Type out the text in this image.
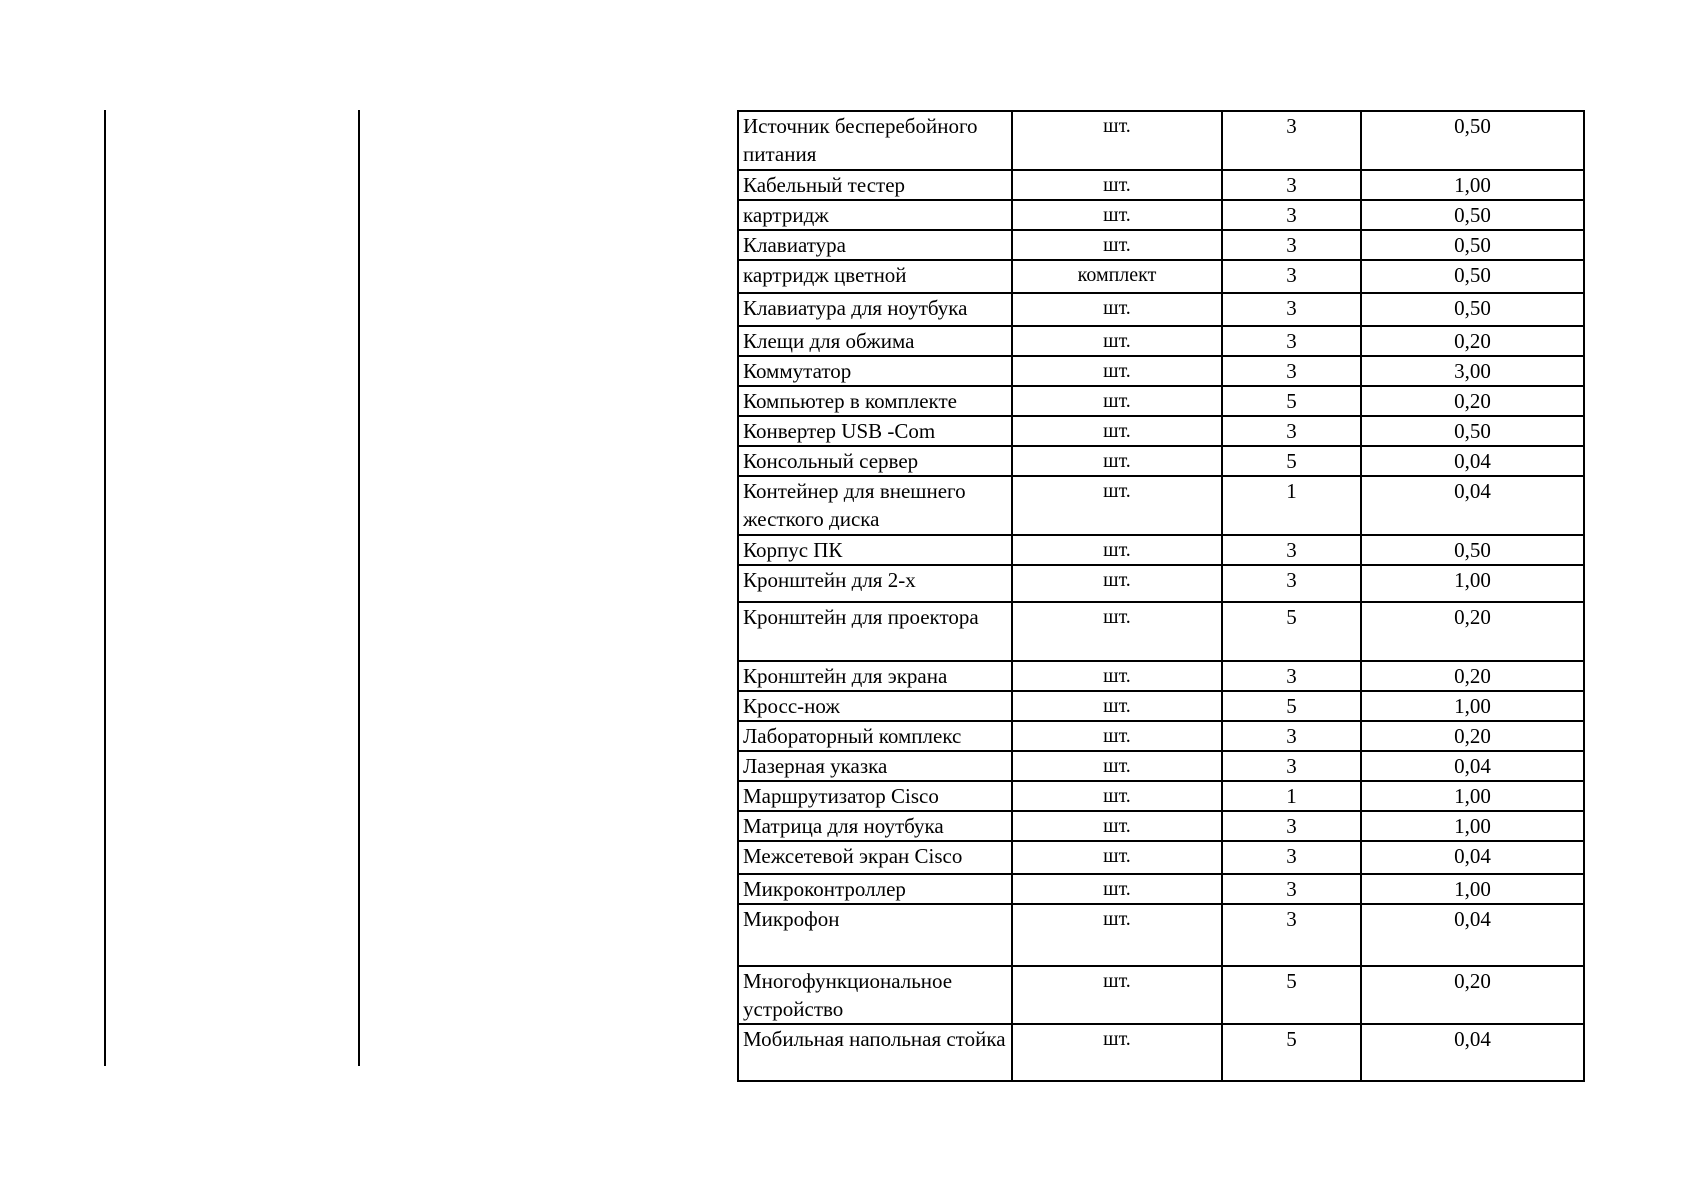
Источник бесперебойного питания	шт.	3	0,50
Кабельный тестер	шт.	3	1,00
картридж	шт.	3	0,50
Клавиатура	шт.	3	0,50
картридж цветной	комплект	3	0,50
Клавиатура для ноутбука	шт.	3	0,50
Клещи для обжима	шт.	3	0,20
Коммутатор	шт.	3	3,00
Компьютер в комплекте	шт.	5	0,20
Конвертер USB -Com	шт.	3	0,50
Консольный сервер	шт.	5	0,04
Контейнер для внешнего жесткого диска	шт.	1	0,04
Корпус ПК	шт.	3	0,50
Кронштейн для 2-х	шт.	3	1,00
Кронштейн для проектора	шт.	5	0,20
Кронштейн для экрана	шт.	3	0,20
Кросс-нож	шт.	5	1,00
Лабораторный комплекс	шт.	3	0,20
Лазерная указка	шт.	3	0,04
Маршрутизатор Cisco	шт.	1	1,00
Матрица для ноутбука	шт.	3	1,00
Межсетевой экран Cisco	шт.	3	0,04
Микроконтроллер	шт.	3	1,00
Микрофон	шт.	3	0,04
Многофункциональное устройство	шт.	5	0,20
Мобильная напольная стойка	шт.	5	0,04
